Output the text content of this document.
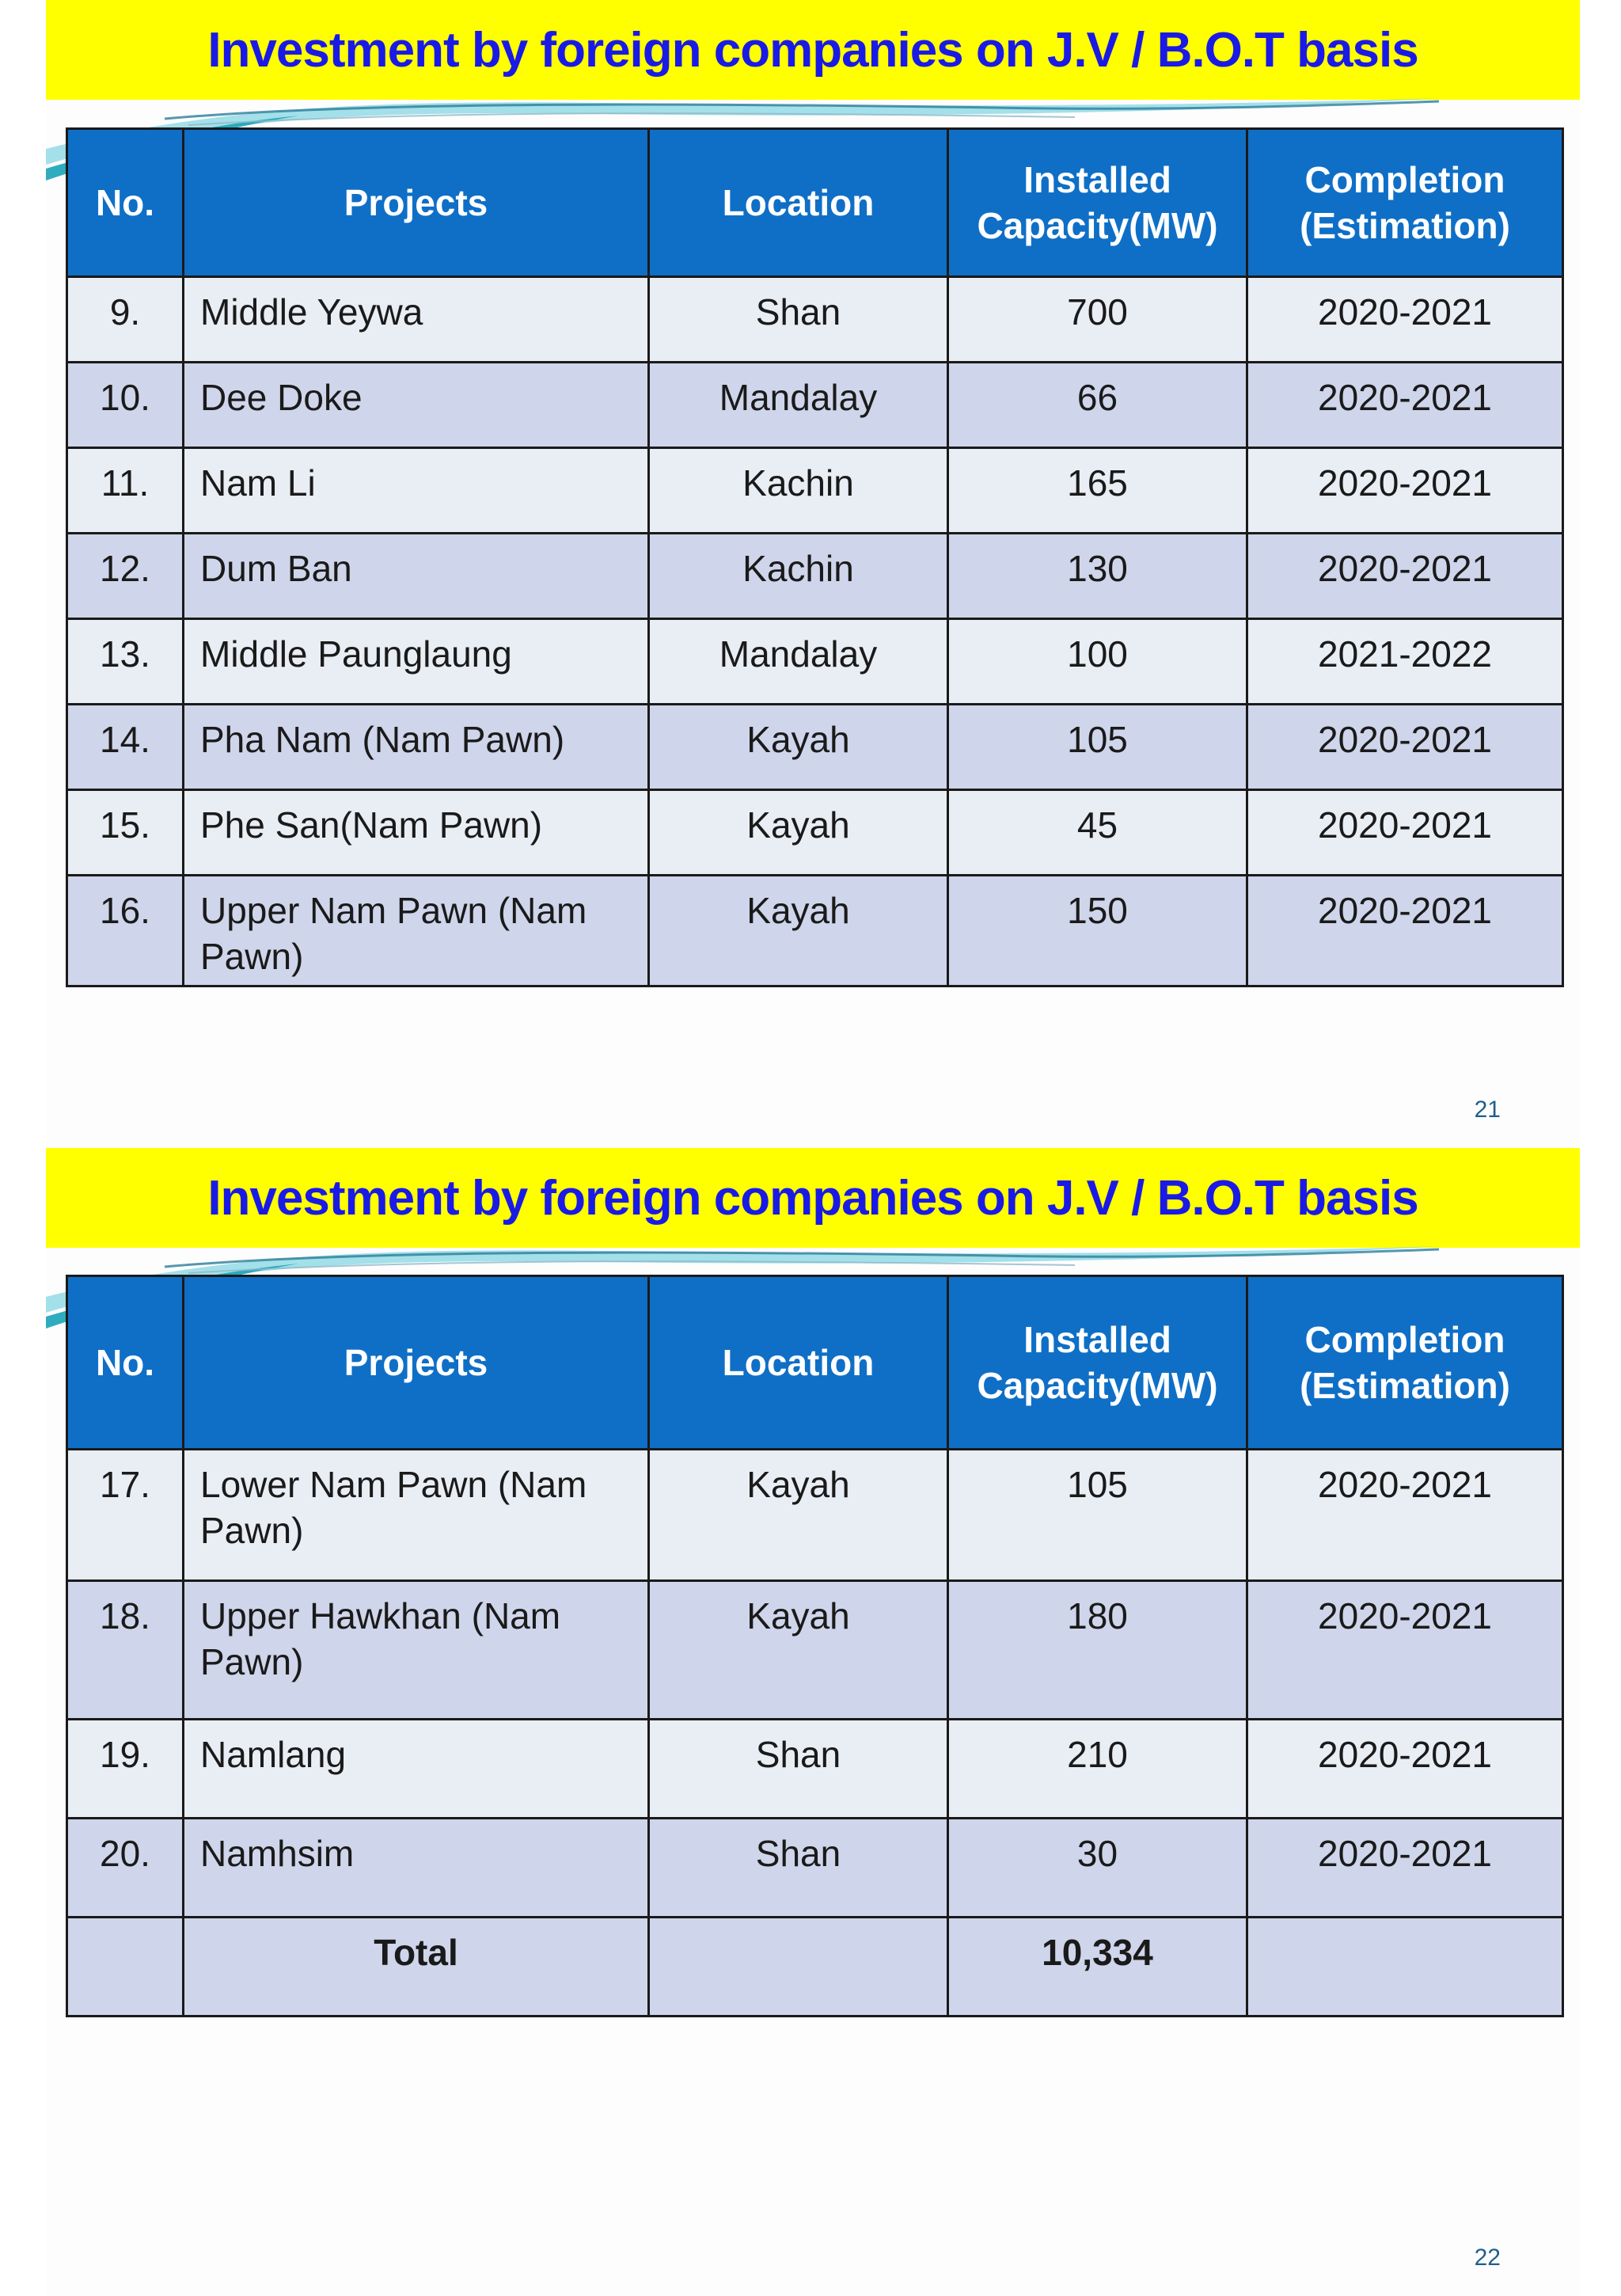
Investment by foreign companies on J.V / B.O.T basis
No.	Projects	Location	Installed Capacity(MW)	Completion (Estimation)
9.	Middle Yeywa	Shan	700	2020-2021
10.	Dee Doke	Mandalay	66	2020-2021
11.	Nam Li	Kachin	165	2020-2021
12.	Dum Ban	Kachin	130	2020-2021
13.	Middle Paunglaung	Mandalay	100	2021-2022
14.	Pha Nam (Nam Pawn)	Kayah	105	2020-2021
15.	Phe San(Nam Pawn)	Kayah	45	2020-2021
16.	Upper Nam Pawn (Nam Pawn)	Kayah	150	2020-2021
21
Investment by foreign companies on J.V / B.O.T basis
No.	Projects	Location	Installed Capacity(MW)	Completion (Estimation)
17.	Lower Nam Pawn (Nam Pawn)	Kayah	105	2020-2021
18.	Upper Hawkhan (Nam Pawn)	Kayah	180	2020-2021
19.	Namlang	Shan	210	2020-2021
20.	Namhsim	Shan	30	2020-2021
	Total		10,334	
22
